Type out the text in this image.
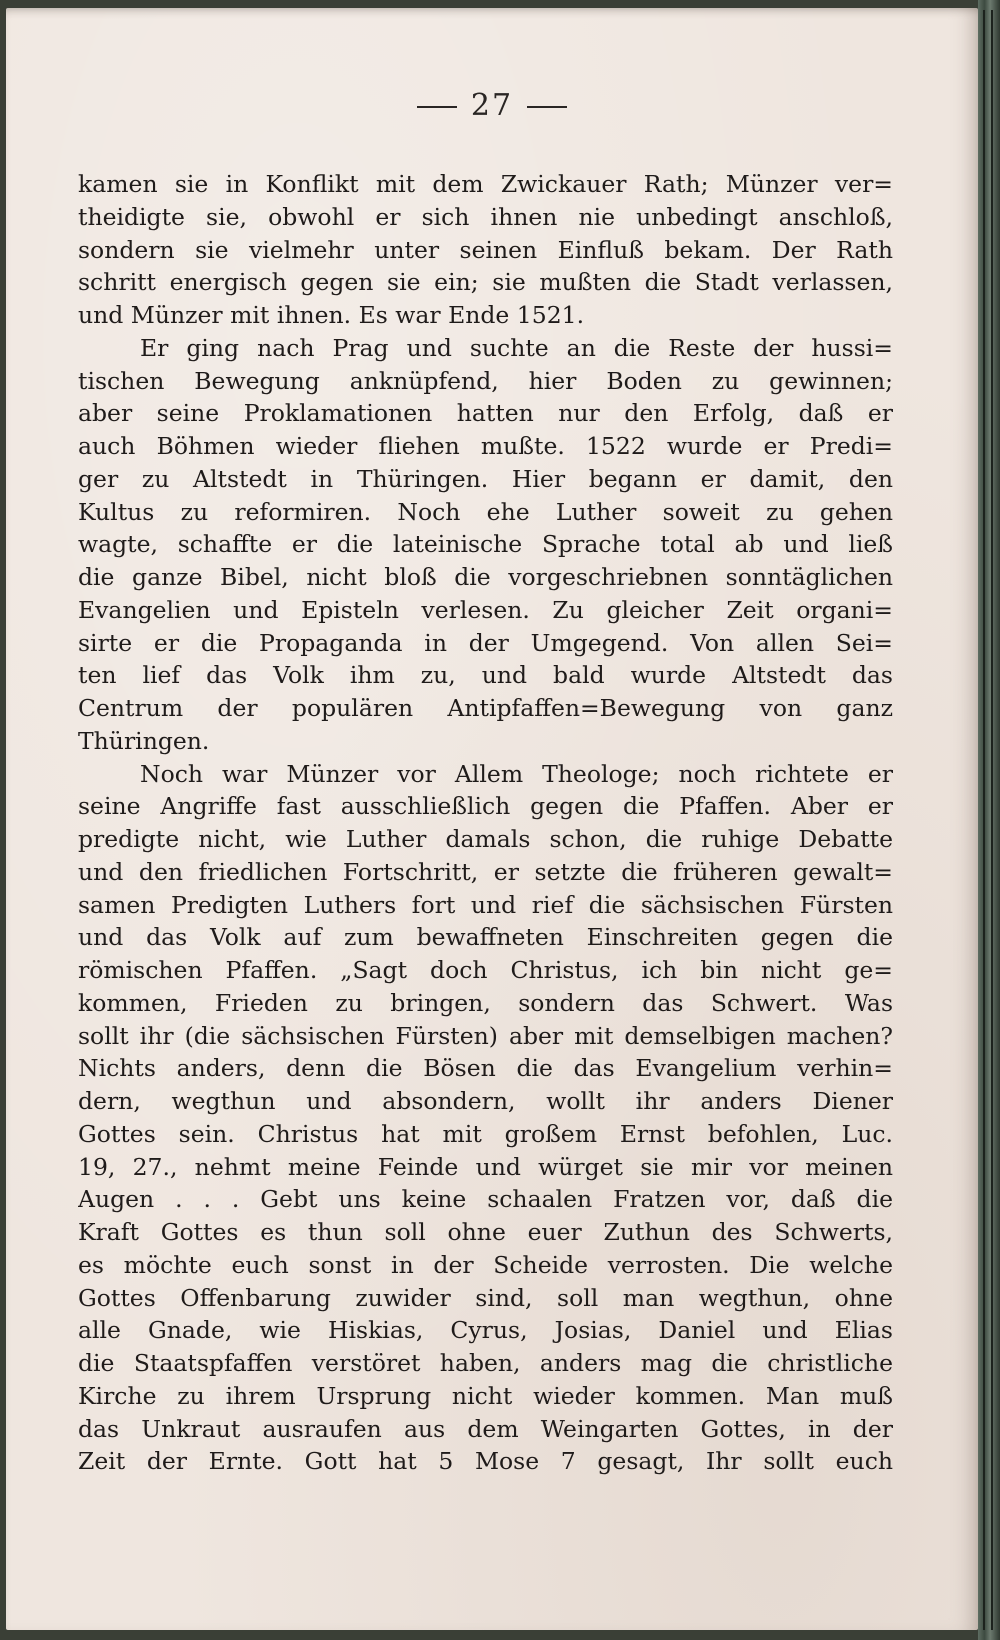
27
kamen sie in Konflikt mit dem Zwickauer Rath; Münzer ver=
theidigte sie, obwohl er sich ihnen nie unbedingt anschloß,
sondern sie vielmehr unter seinen Einfluß bekam. Der Rath
schritt energisch gegen sie ein; sie mußten die Stadt verlassen,
und Münzer mit ihnen. Es war Ende 1521.
Er ging nach Prag und suchte an die Reste der hussi=
tischen Bewegung anknüpfend, hier Boden zu gewinnen;
aber seine Proklamationen hatten nur den Erfolg, daß er
auch Böhmen wieder fliehen mußte. 1522 wurde er Predi=
ger zu Altstedt in Thüringen. Hier begann er damit, den
Kultus zu reformiren. Noch ehe Luther soweit zu gehen
wagte, schaffte er die lateinische Sprache total ab und ließ
die ganze Bibel, nicht bloß die vorgeschriebnen sonntäglichen
Evangelien und Episteln verlesen. Zu gleicher Zeit organi=
sirte er die Propaganda in der Umgegend. Von allen Sei=
ten lief das Volk ihm zu, und bald wurde Altstedt das
Centrum der populären Antipfaffen=Bewegung von ganz
Thüringen.
Noch war Münzer vor Allem Theologe; noch richtete er
seine Angriffe fast ausschließlich gegen die Pfaffen. Aber er
predigte nicht, wie Luther damals schon, die ruhige Debatte
und den friedlichen Fortschritt, er setzte die früheren gewalt=
samen Predigten Luthers fort und rief die sächsischen Fürsten
und das Volk auf zum bewaffneten Einschreiten gegen die
römischen Pfaffen. „Sagt doch Christus, ich bin nicht ge=
kommen, Frieden zu bringen, sondern das Schwert. Was
sollt ihr (die sächsischen Fürsten) aber mit demselbigen machen?
Nichts anders, denn die Bösen die das Evangelium verhin=
dern, wegthun und absondern, wollt ihr anders Diener
Gottes sein. Christus hat mit großem Ernst befohlen, Luc.
19, 27., nehmt meine Feinde und würget sie mir vor meinen
Augen . . . Gebt uns keine schaalen Fratzen vor, daß die
Kraft Gottes es thun soll ohne euer Zuthun des Schwerts,
es möchte euch sonst in der Scheide verrosten. Die welche
Gottes Offenbarung zuwider sind, soll man wegthun, ohne
alle Gnade, wie Hiskias, Cyrus, Josias, Daniel und Elias
die Staatspfaffen verstöret haben, anders mag die christliche
Kirche zu ihrem Ursprung nicht wieder kommen. Man muß
das Unkraut ausraufen aus dem Weingarten Gottes, in der
Zeit der Ernte. Gott hat 5 Mose 7 gesagt, Ihr sollt euch
